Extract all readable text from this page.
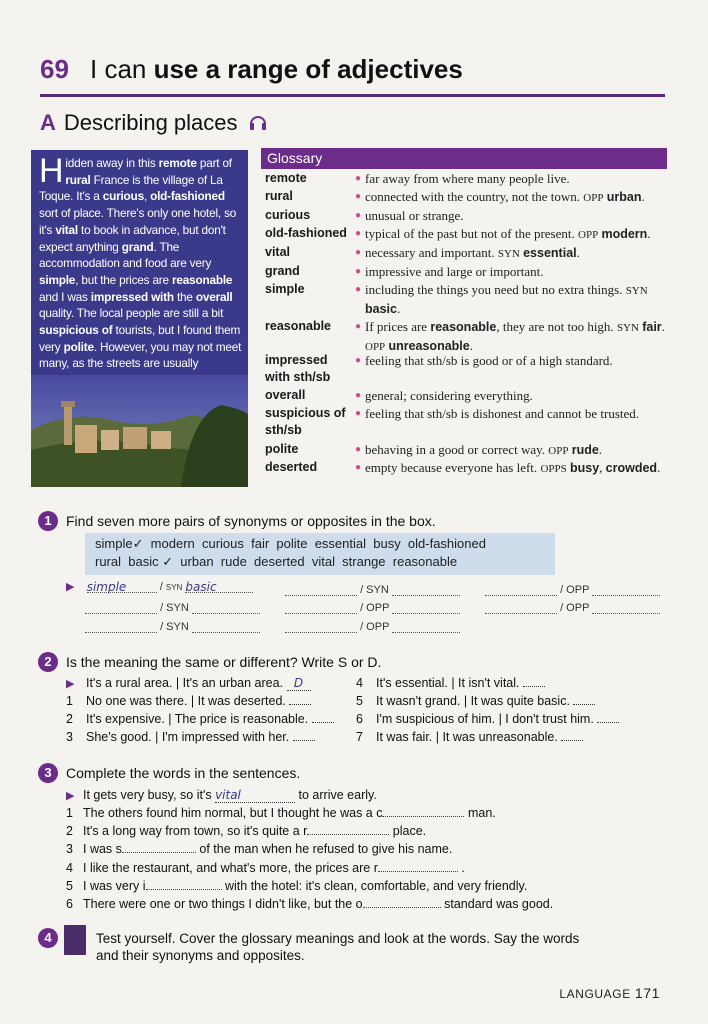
69 I can use a range of adjectives
A Describing places
H idden away in this remote part of rural France is the village of La Toque. It's a curious, old-fashioned sort of place. There's only one hotel, so it's vital to book in advance, but don't expect anything grand. The accommodation and food are very simple, but the prices are reasonable and I was impressed with the overall quality. The local people are still a bit suspicious of tourists, but I found them very polite. However, you may not meet many, as the streets are usually
Glossary
remote	● far away from where many people live.
rural	● connected with the country, not the town. OPP urban.
curious	● unusual or strange.
old-fashioned ● typical of the past but not of the present. OPP modern.
vital	● necessary and important. SYN essential.
grand	● impressive and large or important.
simple	● including the things you need but no extra things. SYN basic.
reasonable	● If prices are reasonable, they are not too high. SYN fair. OPP unreasonable.
impressed with sth/sb
● feeling that sth/sb is good or of a high standard.
overall	● general; considering everything.
suspicious of sth/sb
● feeling that sth/sb is dishonest and cannot be trusted.
polite	● behaving in a good or correct way. OPP rude.
deserted	● empty because everyone has left. OPPS busy, crowded.
1	Find seven more pairs of synonyms or opposites in the box.
simple✓  modern  curious  fair  polite  essential  busy  old-fashioned
rural  basic ✓  urban  rude  deserted  vital  strange  reasonable
▶ simple	/ syn basic	/ SYN	/ OPP
/ SYN	/ OPP	/ OPP
/ SYN	/ OPP
2	Is the meaning the same or different? Write S or D.
▶ It's a rural area. | It's an urban area. D
1 No one was there. | It was deserted.
2 It's expensive. | The price is reasonable.
3 She's good. | I'm impressed with her.
4 It's essential. | It isn't vital.
5 It wasn't grand. | It was quite basic.
6 I'm suspicious of him. | I don't trust him.
7 It was fair. | It was unreasonable.
3	Complete the words in the sentences.
▶ It gets very busy, so it's vital	to arrive early.
1 The others found him normal, but I thought he was a c	man.
2 It's a long way from town, so it's quite a r	place.
3 I was s	of the man when he refused to give his name.
4 I like the restaurant, and what's more, the prices are r	.
5 I was very i	with the hotel: it's clean, comfortable, and very friendly.
6 There were one or two things I didn't like, but the o	standard was good.
4	Test yourself. Cover the glossary meanings and look at the words. Say the words
and their synonyms and opposites.
LANGUAGE 171
